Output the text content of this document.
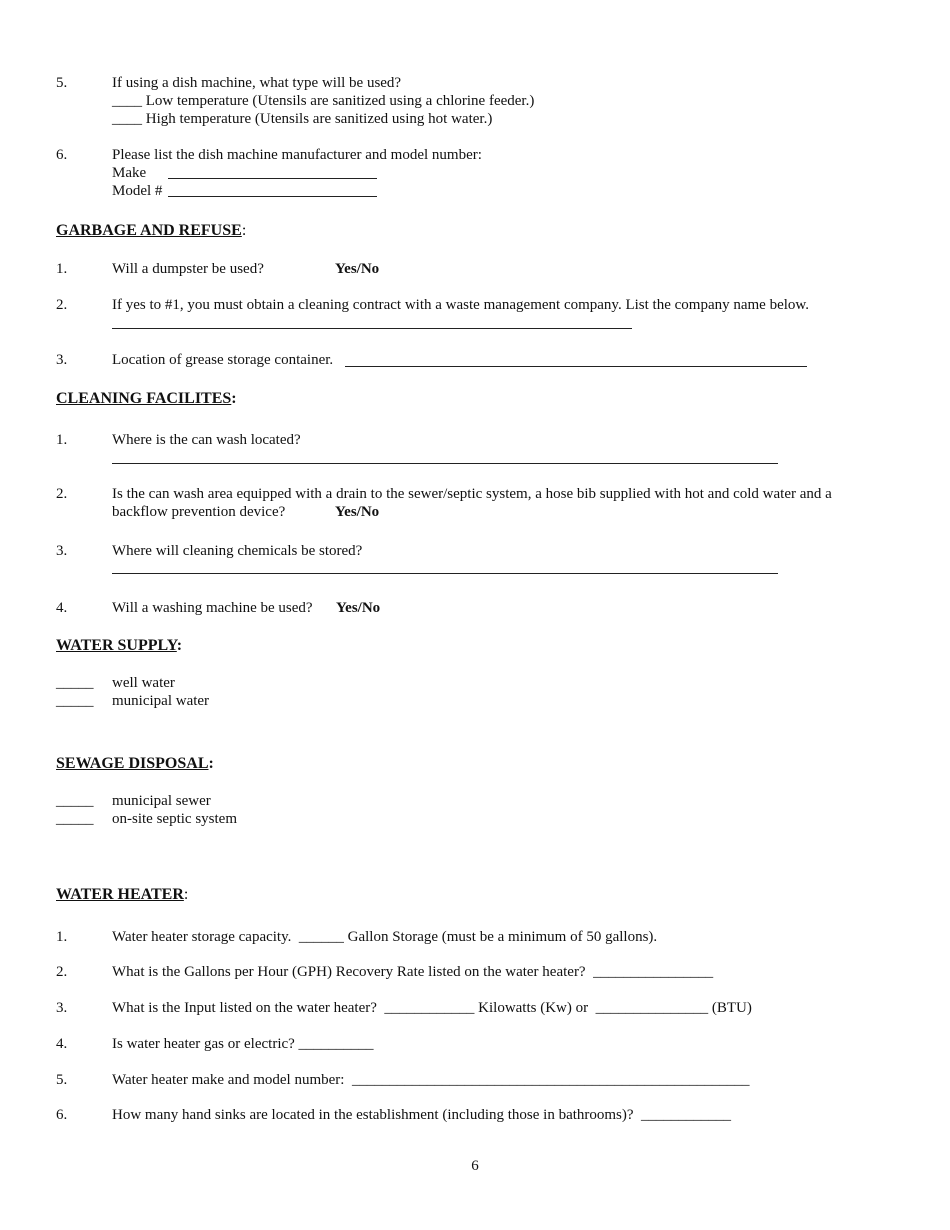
5.	If using a dish machine, what type will be used?
____ Low temperature (Utensils are sanitized using a chlorine feeder.)
____ High temperature (Utensils are sanitized using hot water.)
6.	Please list the dish machine manufacturer and model number:
Make
Model #
GARBAGE AND REFUSE:
1.	Will a dumpster be used?	Yes/No
2.	If yes to #1, you must obtain a cleaning contract with a waste management company. List the company name below.
3.	Location of grease storage container.
CLEANING FACILITES:
1.	Where is the can wash located?
2.	Is the can wash area equipped with a drain to the sewer/septic system, a hose bib supplied with hot and cold water and a
backflow prevention device?	Yes/No
3.	Where will cleaning chemicals be stored?
4.	Will a washing machine be used? Yes/No
WATER SUPPLY:
_____ well water
_____ municipal water
SEWAGE DISPOSAL:
_____ municipal sewer
_____ on-site septic system
WATER HEATER:
1.	Water heater storage capacity.  ______ Gallon Storage (must be a minimum of 50 gallons).
2.	What is the Gallons per Hour (GPH) Recovery Rate listed on the water heater?  ________________
3.	What is the Input listed on the water heater?  ____________ Kilowatts (Kw) or  _______________ (BTU)
4.	Is water heater gas or electric? __________
5.	Water heater make and model number:  _____________________________________________________
6.	How many hand sinks are located in the establishment (including those in bathrooms)?  ____________
6
